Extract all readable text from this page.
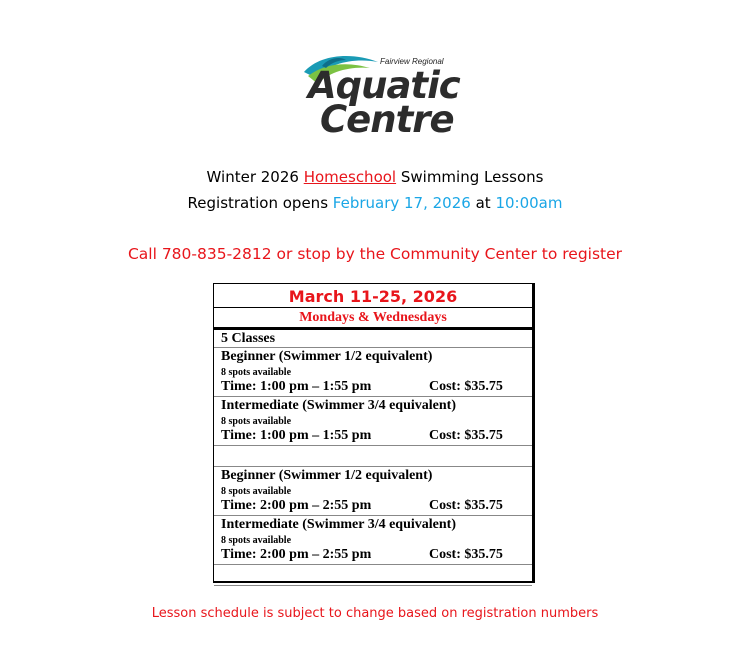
Fairview Regional
Aquatic
Centre
Winter 2026 Homeschool Swimming Lessons
Registration opens February 17, 2026 at 10:00am
Call 780-835-2812 or stop by the Community Center to register
March 11-25, 2026
Mondays & Wednesdays
5 Classes
Beginner (Swimmer 1/2 equivalent)
8 spots available
Time: 1:00 pm – 1:55 pm	Cost: $35.75
Intermediate (Swimmer 3/4 equivalent)
8 spots available
Time: 1:00 pm – 1:55 pm	Cost: $35.75
Beginner (Swimmer 1/2 equivalent)
8 spots available
Time: 2:00 pm – 2:55 pm	Cost: $35.75
Intermediate (Swimmer 3/4 equivalent)
8 spots available
Time: 2:00 pm – 2:55 pm	Cost: $35.75
Lesson schedule is subject to change based on registration numbers
